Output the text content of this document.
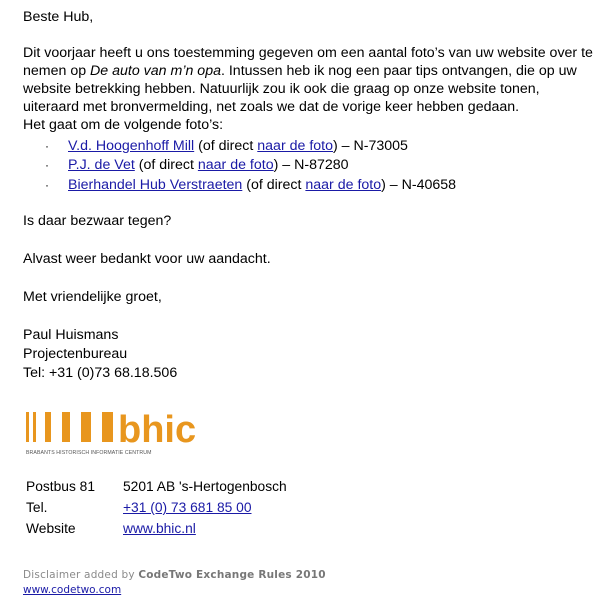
Beste Hub,

Dit voorjaar heeft u ons toestemming gegeven om een aantal foto’s van uw website over te nemen op De auto van m’n opa. Intussen heb ik nog een paar tips ontvangen, die op uw website betrekking hebben. Natuurlijk zou ik ook die graag op onze website tonen, uiteraard met bronvermelding, net zoals we dat de vorige keer hebben gedaan.
Het gaat om de volgende foto’s:

·	V.d. Hoogenhoff Mill (of direct naar de foto ) – N-73005
·	P.J. de Vet (of direct naar de foto ) – N-87280
·	Bierhandel Hub Verstraeten (of direct naar de foto ) – N-40658

Is daar bezwaar tegen?

Alvast weer bedankt voor uw aandacht.

Met vriendelijke groet,

Paul Huismans
Projectenbureau
Tel: +31 (0)73 68.18.506
bhic
BRABANTS HISTORISCH INFORMATIE CENTRUM
Postbus 81	5201 AB 's-Hertogenbosch
Tel.	+31 (0) 73 681 85 00
Website	www.bhic.nl
Disclaimer added by CodeTwo Exchange Rules 2010
www.codetwo.com
